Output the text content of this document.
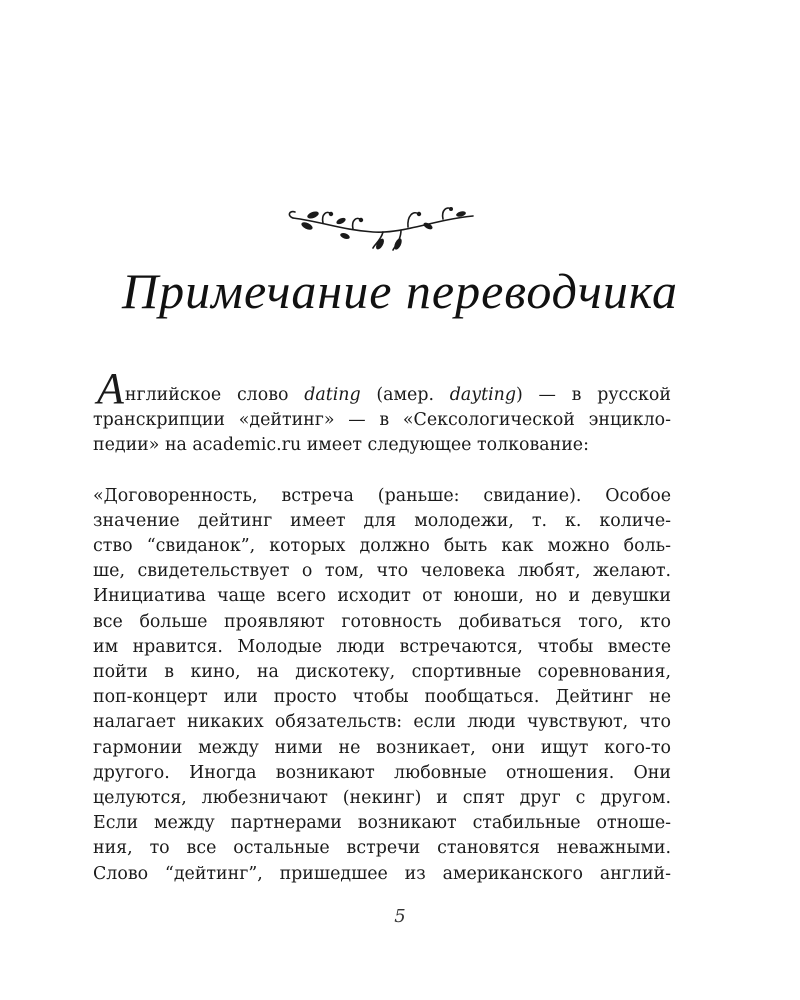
Примечание переводчика

Английское слово dating (амер. dayting) — в русской
транскрипции «дейтинг» — в «Сексологической энцикло-
педии» на academic.ru имеет следующее толкование:

«Договоренность, встреча (раньше: свидание). Особое
значение дейтинг имеет для молодежи, т. к. количе-
ство “свиданок”, которых должно быть как можно боль-
ше, свидетельствует о том, что человека любят, желают.
Инициатива чаще всего исходит от юноши, но и девушки
все больше проявляют готовность добиваться того, кто
им нравится. Молодые люди встречаются, чтобы вместе
пойти в кино, на дискотеку, спортивные соревнования,
поп-концерт или просто чтобы пообщаться. Дейтинг не
налагает никаких обязательств: если люди чувствуют, что
гармонии между ними не возникает, они ищут кого-то
другого. Иногда возникают любовные отношения. Они
целуются, любезничают (некинг) и спят друг с другом.
Если между партнерами возникают стабильные отноше-
ния, то все остальные встречи становятся неважными.
Слово “дейтинг”, пришедшее из американского англий-

5
